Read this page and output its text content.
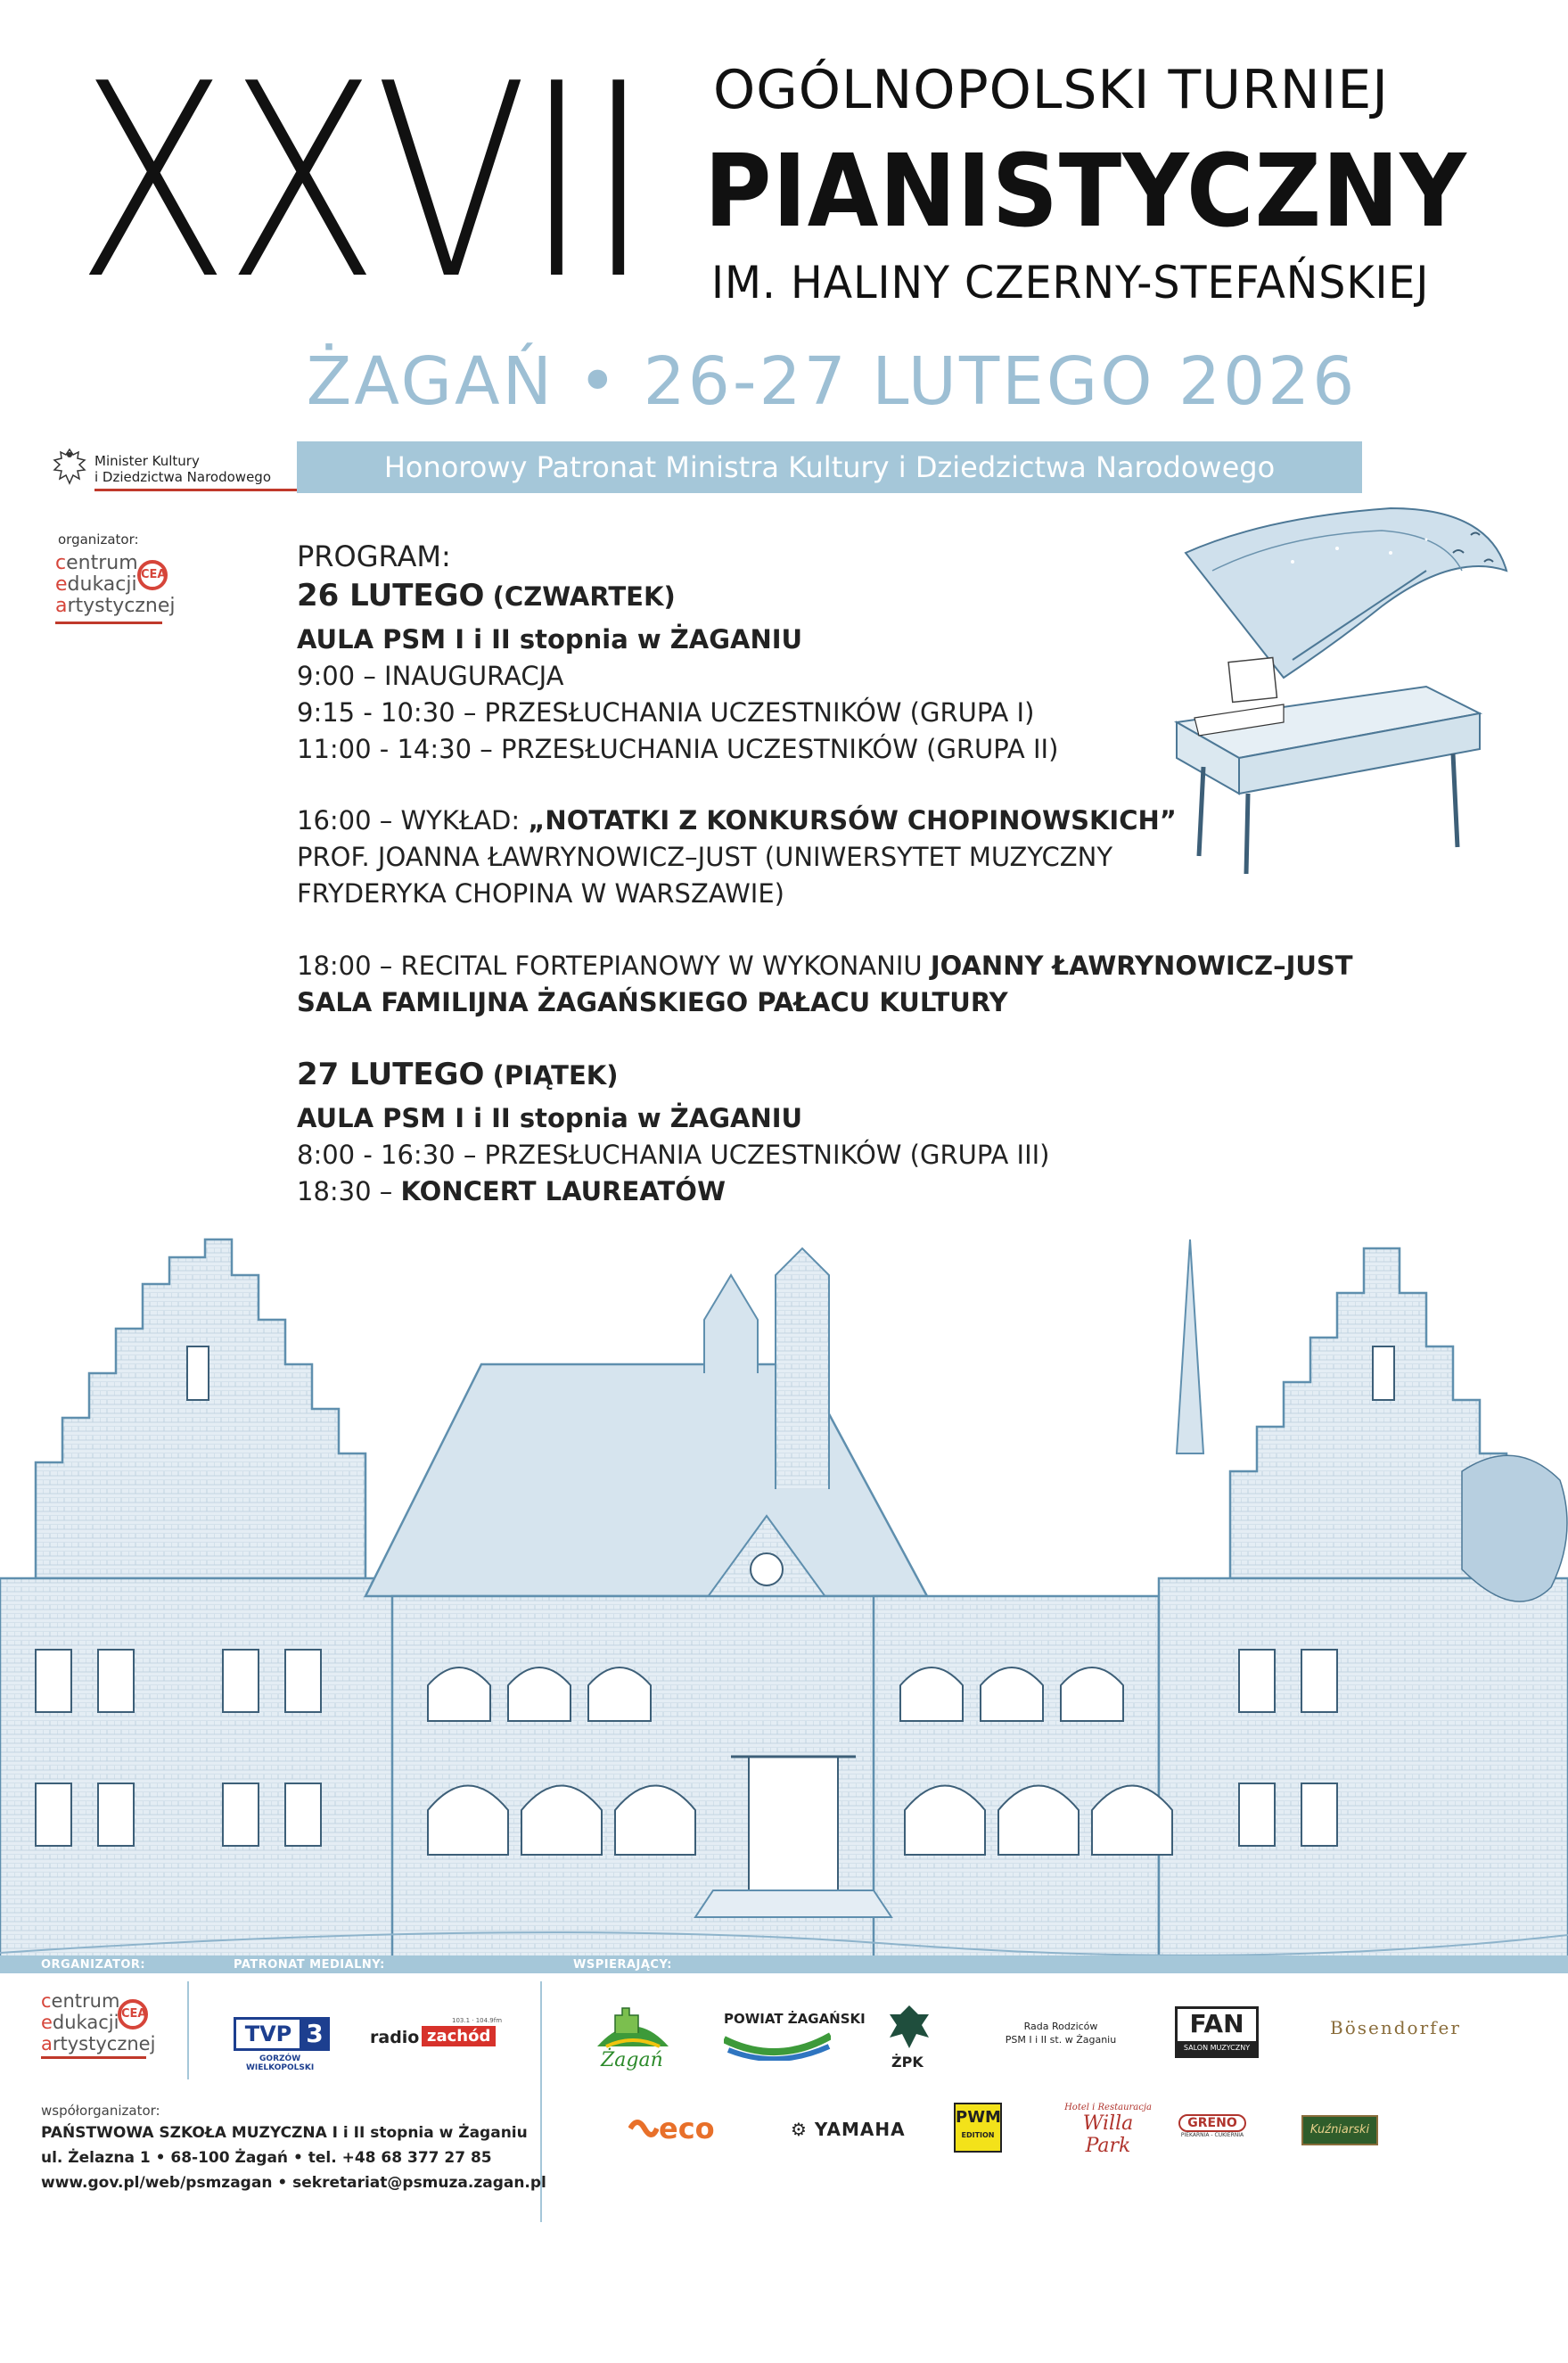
XXVII OGÓLNOPOLSKI TURNIEJ
PIANISTYCZNY
IM. HALINY CZERNY-STEFAŃSKIEJ
ŻAGAŃ • 26-27 LUTEGO 2026
Minister Kultury
i Dziedzictwa Narodowego	Honorowy Patronat Ministra Kultury i Dziedzictwa Narodowego
organizator:
centrum
edukacji
artystycznej
CEA
PROGRAM:
26 LUTEGO (CZWARTEK)
AULA PSM I i II stopnia w ŻAGANIU
9:00 – INAUGURACJA
9:15 - 10:30 – PRZESŁUCHANIA UCZESTNIKÓW (GRUPA I)
11:00 - 14:30 – PRZESŁUCHANIA UCZESTNIKÓW (GRUPA II)
16:00 – WYKŁAD: „NOTATKI Z KONKURSÓW CHOPINOWSKICH”
PROF. JOANNA ŁAWRYNOWICZ–JUST (UNIWERSYTET MUZYCZNY
FRYDERYKA CHOPINA W WARSZAWIE)
18:00 – RECITAL FORTEPIANOWY W WYKONANIU JOANNY ŁAWRYNOWICZ–JUST
SALA FAMILIJNA ŻAGAŃSKIEGO PAŁACU KULTURY
27 LUTEGO (PIĄTEK)
AULA PSM I i II stopnia w ŻAGANIU
8:00 - 16:30 – PRZESŁUCHANIA UCZESTNIKÓW (GRUPA III)
18:30 – KONCERT LAUREATÓW
ORGANIZATOR:	PATRONAT MEDIALNY:	WSPIERAJĄCY:
centrum
edukacji
artystycznej
CEA
TVP 3
GORZÓW
WIELKOPOLSKI
103.1 · 104.9fm
radio zachód
Żagań
POWIAT ŻAGAŃSKI
ŻPK
Rada Rodziców
PSM I i II st. w Żaganiu
FAN
SALON MUZYCZNY
Bösendorfer
eco	⚙ YAMAHA
PWM
EDITION
Hotel i Restauracja
Willa Park
GRENO
PIEKARNIA - CUKIERNIA	Kuźniarski
współorganizator:
PAŃSTWOWA SZKOŁA MUZYCZNA I i II stopnia w Żaganiu
ul. Żelazna 1 • 68-100 Żagań • tel. +48 68 377 27 85
www.gov.pl/web/psmzagan • sekretariat@psmuza.zagan.pl
